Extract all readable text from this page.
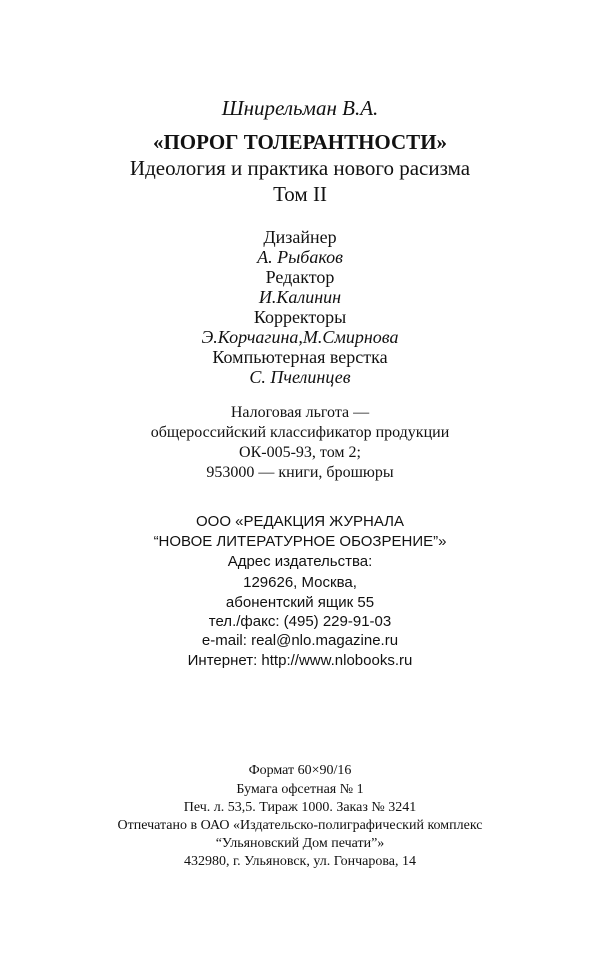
Шнирельман В.А.
«ПОРОГ ТОЛЕРАНТНОСТИ»
Идеология и практика нового расизма
Том II
Дизайнер
А. Рыбаков
Редактор
И.Калинин
Корректоры
Э.Корчагина,М.Смирнова
Компьютерная верстка
С. Пчелинцев
Налоговая льгота —
общероссийский классификатор продукции
ОК-005-93, том 2;
953000 — книги, брошюры
ООО «РЕДАКЦИЯ ЖУРНАЛА
“НОВОЕ ЛИТЕРАТУРНОЕ ОБОЗРЕНИЕ”»
Адрес издательства:
129626, Москва,
абонентский ящик 55
тел./факс: (495) 229-91-03
e-mail: real@nlo.magazine.ru
Интернет: http://www.nlobooks.ru
Формат 60×90/16
Бумага офсетная № 1
Печ. л. 53,5. Тираж 1000. Заказ № 3241
Отпечатано в ОАО «Издательско-полиграфический комплекс
“Ульяновский Дом печати”»
432980, г. Ульяновск, ул. Гончарова, 14
